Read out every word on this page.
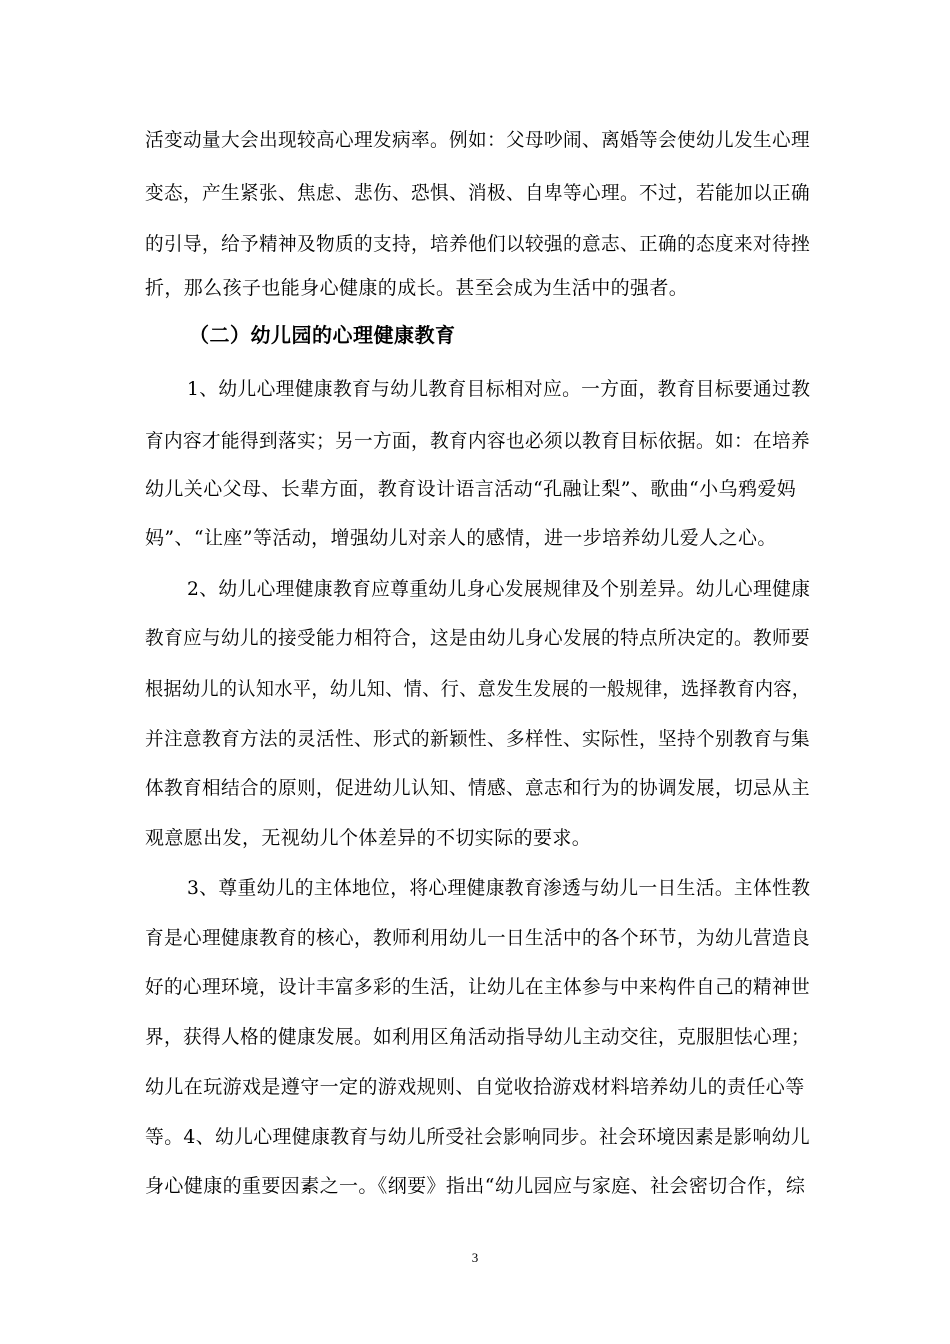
活变动量大会出现较高心理发病率。例如：父母吵闹、离婚等会使幼儿发生心理
变态，产生紧张、焦虑、悲伤、恐惧、消极、自卑等心理。不过，若能加以正确
的引导，给予精神及物质的支持，培养他们以较强的意志、正确的态度来对待挫
折，那么孩子也能身心健康的成长。甚至会成为生活中的强者。
（二）幼儿园的心理健康教育
1、幼儿心理健康教育与幼儿教育目标相对应。一方面，教育目标要通过教
育内容才能得到落实；另一方面，教育内容也必须以教育目标依据。如：在培养
幼儿关心父母、长辈方面，教育设计语言活动“孔融让梨”、歌曲“小乌鸦爱妈
妈”、“让座”等活动，增强幼儿对亲人的感情，进一步培养幼儿爱人之心。
2、幼儿心理健康教育应尊重幼儿身心发展规律及个别差异。幼儿心理健康
教育应与幼儿的接受能力相符合，这是由幼儿身心发展的特点所决定的。教师要
根据幼儿的认知水平，幼儿知、情、行、意发生发展的一般规律，选择教育内容，
并注意教育方法的灵活性、形式的新颖性、多样性、实际性，坚持个别教育与集
体教育相结合的原则，促进幼儿认知、情感、意志和行为的协调发展，切忌从主
观意愿出发，无视幼儿个体差异的不切实际的要求。
3、尊重幼儿的主体地位，将心理健康教育渗透与幼儿一日生活。主体性教
育是心理健康教育的核心，教师利用幼儿一日生活中的各个环节，为幼儿营造良
好的心理环境，设计丰富多彩的生活，让幼儿在主体参与中来构件自己的精神世
界，获得人格的健康发展。如利用区角活动指导幼儿主动交往，克服胆怯心理；
幼儿在玩游戏是遵守一定的游戏规则、自觉收拾游戏材料培养幼儿的责任心等
等。4、幼儿心理健康教育与幼儿所受社会影响同步。社会环境因素是影响幼儿
身心健康的重要因素之一。《纲要》指出“幼儿园应与家庭、社会密切合作，综
3
